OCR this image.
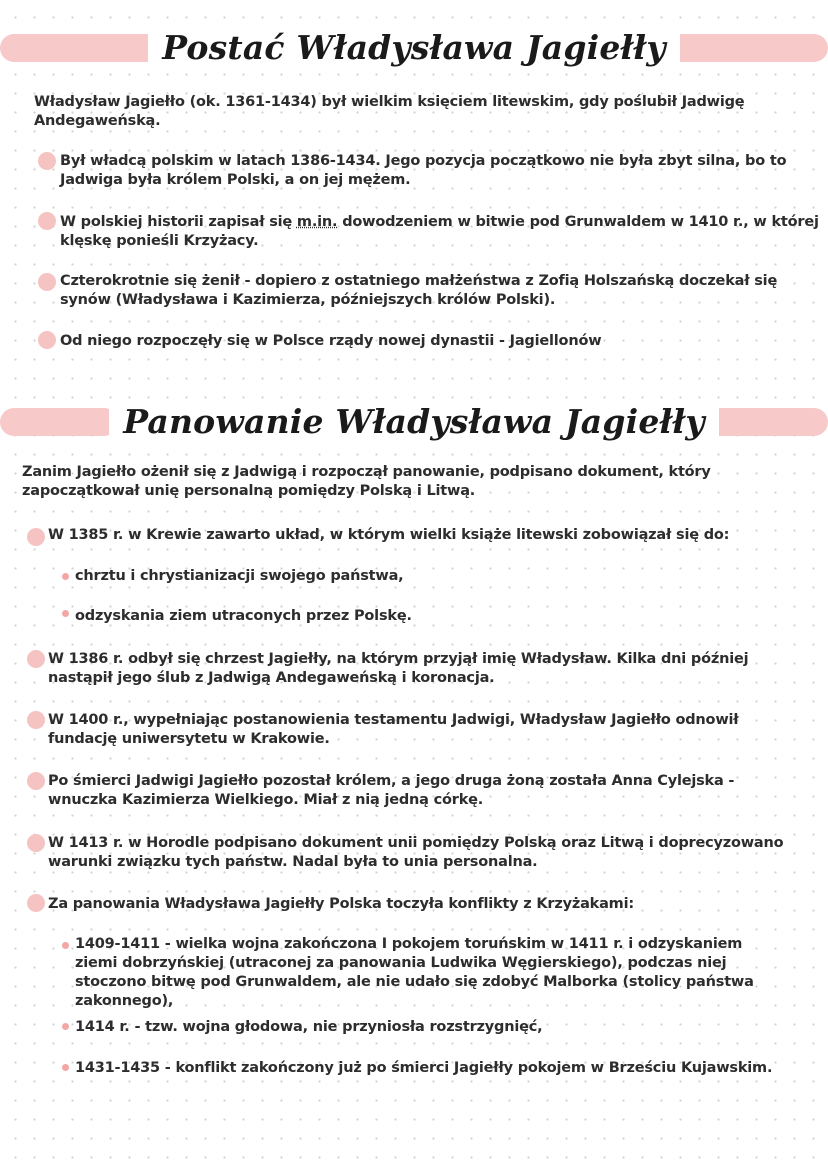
Postać Władysława Jagiełły
Władysław Jagiełło (ok. 1361-1434) był wielkim księciem litewskim, gdy poślubił Jadwigę Andegaweńską.
Był władcą polskim w latach 1386-1434. Jego pozycja początkowo nie była zbyt silna, bo to Jadwiga była królem Polski, a on jej mężem.
W polskiej historii zapisał się m.in. dowodzeniem w bitwie pod Grunwaldem w 1410 r., w której klęskę ponieśli Krzyżacy.
Czterokrotnie się żenił - dopiero z ostatniego małżeństwa z Zofią Holszańską doczekał się synów (Władysława i Kazimierza, późniejszych królów Polski).
Od niego rozpoczęły się w Polsce rządy nowej dynastii - Jagiellonów
Panowanie Władysława Jagiełły
Zanim Jagiełło ożenił się z Jadwigą i rozpoczął panowanie, podpisano dokument, który zapoczątkował unię personalną pomiędzy Polską i Litwą.
W 1385 r. w Krewie zawarto układ, w którym wielki książe litewski zobowiązał się do:
chrztu i chrystianizacji swojego państwa,
odzyskania ziem utraconych przez Polskę.
W 1386 r. odbył się chrzest Jagiełły, na którym przyjął imię Władysław. Kilka dni później nastąpił jego ślub z Jadwigą Andegaweńską i koronacja.
W 1400 r., wypełniając postanowienia testamentu Jadwigi, Władysław Jagiełło odnowił fundację uniwersytetu w Krakowie.
Po śmierci Jadwigi Jagiełło pozostał królem, a jego druga żoną została Anna Cylejska - wnuczka Kazimierza Wielkiego. Miał z nią jedną córkę.
W 1413 r. w Horodle podpisano dokument unii pomiędzy Polską oraz Litwą i doprecyzowano warunki związku tych państw. Nadal była to unia personalna.
Za panowania Władysława Jagiełły Polska toczyła konflikty z Krzyżakami:
1409-1411 - wielka wojna zakończona I pokojem toruńskim w 1411 r. i odzyskaniem ziemi dobrzyńskiej (utraconej za panowania Ludwika Węgierskiego), podczas niej stoczono bitwę pod Grunwaldem, ale nie udało się zdobyć Malborka (stolicy państwa zakonnego),
1414 r. - tzw. wojna głodowa, nie przyniosła rozstrzygnięć,
1431-1435 - konflikt zakończony już po śmierci Jagiełły pokojem w Brześciu Kujawskim.
